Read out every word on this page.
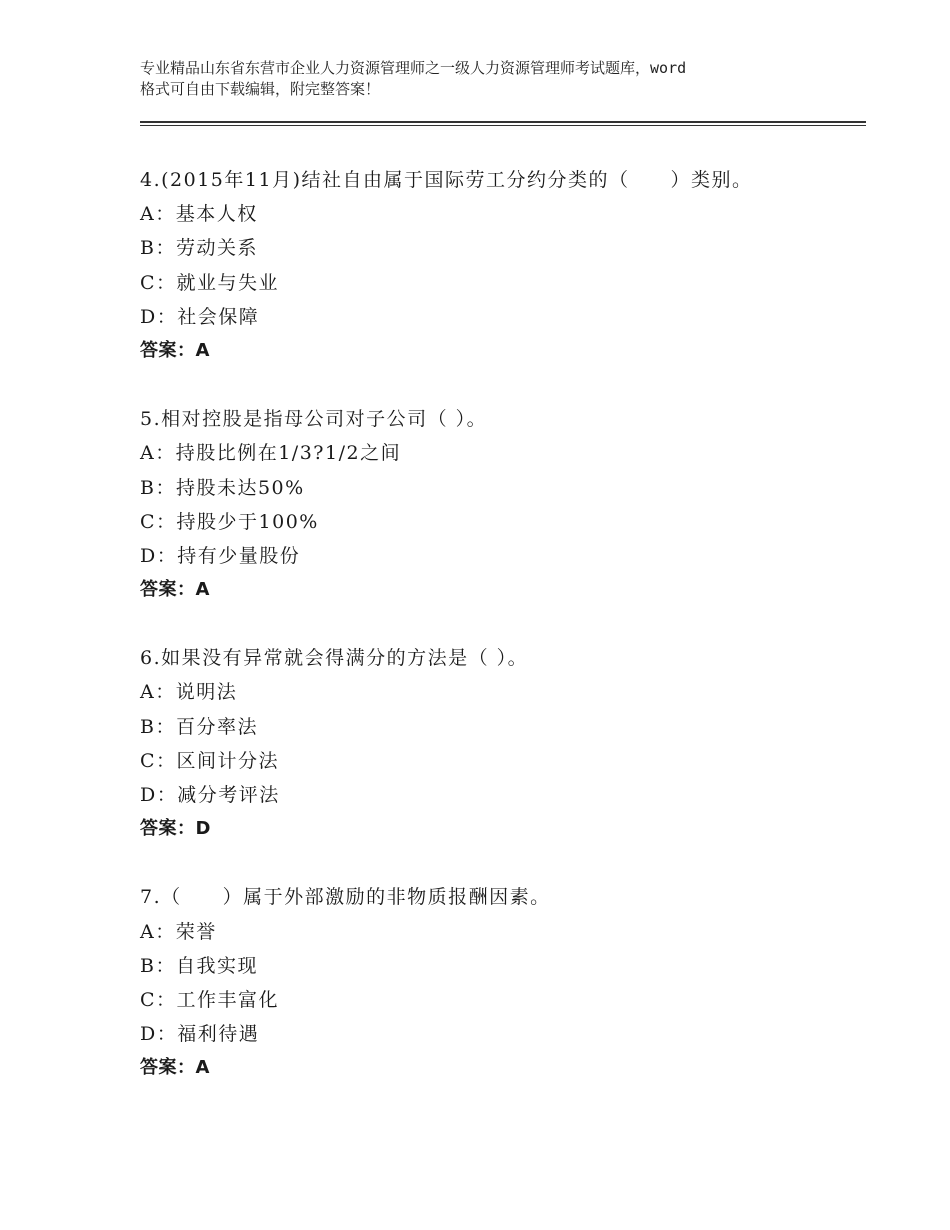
专业精品山东省东营市企业人力资源管理师之一级人力资源管理师考试题库，word
格式可自由下载编辑，附完整答案！
4.(2015年11月)结社自由属于国际劳工分约分类的（　　）类别。
A：基本人权
B：劳动关系
C：就业与失业
D：社会保障
答案：A
5.相对控股是指母公司对子公司（ ）。
A：持股比例在1/3?1/2之间
B：持股未达50%
C：持股少于100%
D：持有少量股份
答案：A
6.如果没有异常就会得满分的方法是（ ）。
A：说明法
B：百分率法
C：区间计分法
D：减分考评法
答案：D
7.（　　）属于外部激励的非物质报酬因素。
A：荣誉
B：自我实现
C：工作丰富化
D：福利待遇
答案：A
